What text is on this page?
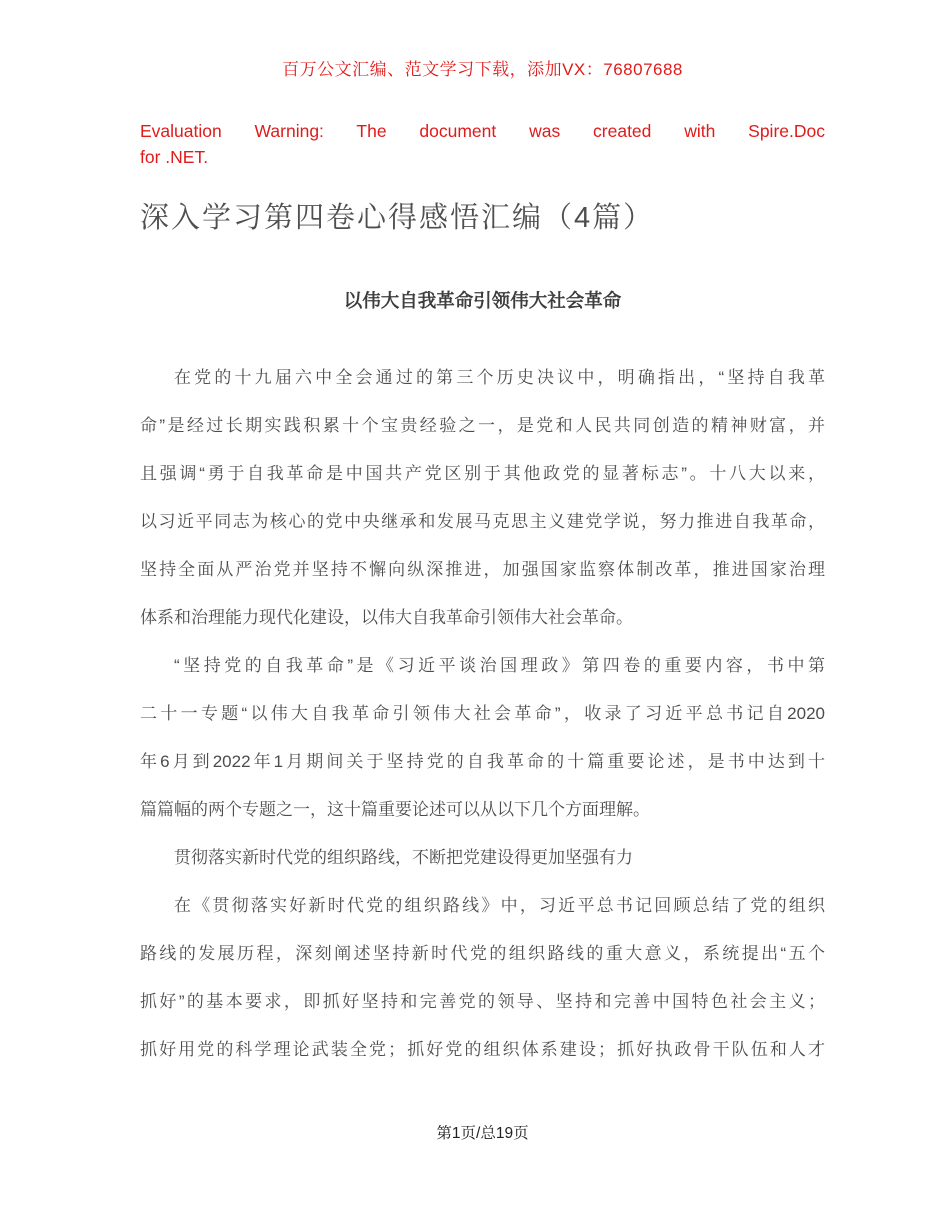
百万公文汇编、范文学习下载，添加VX：76807688
Evaluation Warning: The document was created with Spire.Doc
for .NET.
深入学习第四卷心得感悟汇编（4篇）
以伟大自我革命引领伟大社会革命
在党的十九届六中全会通过的第三个历史决议中，明确指出，“坚持自我革
命”是经过长期实践积累十个宝贵经验之一，是党和人民共同创造的精神财富，并
且强调“勇于自我革命是中国共产党区别于其他政党的显著标志”。十八大以来，
以习近平同志为核心的党中央继承和发展马克思主义建党学说，努力推进自我革命，
坚持全面从严治党并坚持不懈向纵深推进，加强国家监察体制改革，推进国家治理
体系和治理能力现代化建设，以伟大自我革命引领伟大社会革命。
“坚持党的自我革命”是《习近平谈治国理政》第四卷的重要内容，书中第
二十一专题“以伟大自我革命引领伟大社会革命”，收录了习近平总书记自2020
年6月到2022年1月期间关于坚持党的自我革命的十篇重要论述，是书中达到十
篇篇幅的两个专题之一，这十篇重要论述可以从以下几个方面理解。
贯彻落实新时代党的组织路线，不断把党建设得更加坚强有力
在《贯彻落实好新时代党的组织路线》中，习近平总书记回顾总结了党的组织
路线的发展历程，深刻阐述坚持新时代党的组织路线的重大意义，系统提出“五个
抓好”的基本要求，即抓好坚持和完善党的领导、坚持和完善中国特色社会主义；
抓好用党的科学理论武装全党；抓好党的组织体系建设；抓好执政骨干队伍和人才
第1页/总19页
